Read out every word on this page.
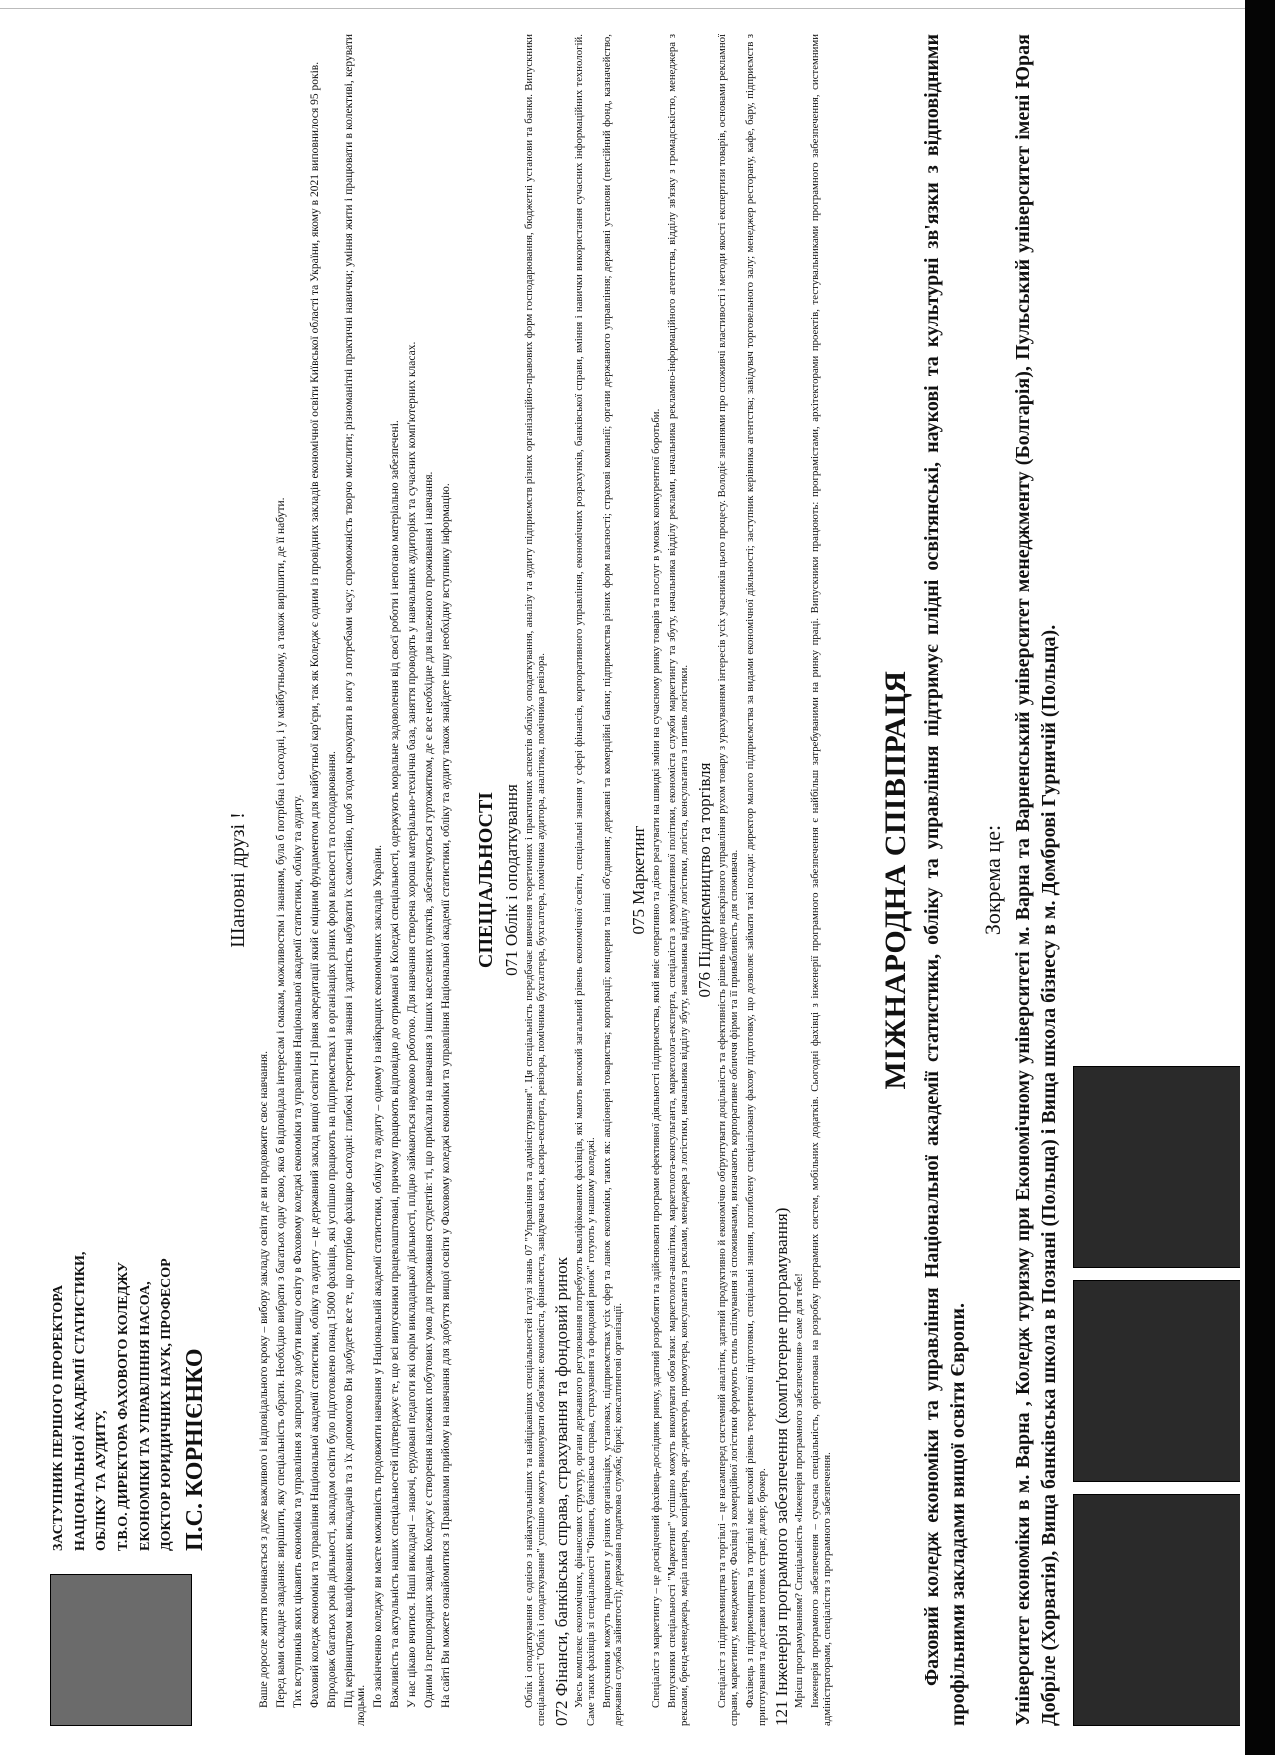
ЗАСТУПНИК ПЕРШОГО ПРОРЕКТОРА НАЦІОНАЛЬНОЇ АКАДЕМІЇ СТАТИСТИКИ, ОБЛІКУ ТА АУДИТУ, Т.В.О. ДИРЕКТОРА ФАХОВОГО КОЛЕДЖУ ЕКОНОМІКИ ТА УПРАВЛІННЯ НАСОА, ДОКТОР ЮРИДИЧНИХ НАУК, ПРОФЕСОР П.С. КОРНІЄНКО
Шановні друзі !

Ваше доросле життя починається з дуже важливого і відповідального кроку – вибору закладу освіти де ви продовжите своє навчання. Перед вами складне завдання: вирішити, яку спеціальність обрати. Необхідно вибрати з багатьох одну свою, яка б відповідала інтересам і смакам, можливостям і знанням, була б потрібна і сьогодні, і у майбутньому, а також вирішити, де її набути. Тих вступників яких цікавить економіка та управління я запрошую здобути вищу освіту в Фаховому коледжі економіки та управління Національної академії статистики, обліку та аудиту. Фаховий коледж економіки та управління Національної академії статистики, обліку та аудиту – це державний заклад вищої освіти І-ІІ рівня акредитації який є міцним фундаментом для майбутньої кар'єри, так як Коледж є одним із провідних закладів економічної освіти Київської області та України, якому в 2021 виповнилося 95 років. Впродовж багатьох років діяльності, закладом освіти було підготовлено понад 15000 фахівців, які успішно працюють на підприємствах і в організаціях різних форм власності та господарювання. Під керівництвом кваліфікованих викладачів та з їх допомогою Ви здобудете все те, що потрібно фахівцю сьогодні: глибокі теоретичні знання і здатність набувати їх самостійно, щоб згодом крокувати в ногу з потребами часу; спроможність творчо мислити; різноманітні практичні навички; уміння жити і працювати в колективі, керувати людьми. По закінченню коледжу ви маєте можливість продовжити навчання у Національній академії статистики, обліку та аудиту – одному із найкращих економічних закладів України. Важливість та актуальність наших спеціальностей підтверджує те, що всі випускники працевлаштовані, причому працюють відповідно до отриманої в Коледжі спеціальності, одержують моральне задоволення від своєї роботи і непогано матеріально забезпечені. У нас цікаво вчитися. Наші викладачі – знаючі, ерудовані педагоги які окрім викладацької діяльності, плідно займаються науковою роботою. Для навчання створена хороша матеріально-технічна база, заняття проводять у навчальних аудиторіях та сучасних комп'ютерних класах. Одним із першорядних завдань Коледжу є створення належних побутових умов для проживання студентів: ті, що приїхали на навчання з інших населених пунктів, забезпечуються гуртожитком, де є все необхідне для належного проживання і навчання. На сайті Ви можете ознайомитися з Правилами прийому на навчання для здобуття вищої освіти у Фаховому коледжі економіки та управління Національної академії статистики, обліку та аудиту також знайдете іншу необхідну вступнику інформацію. СПЕЦІАЛЬНОСТІ 071 Облік і оподаткування Облік і оподаткування є однією з найактуальніших та найцікавіших спеціальностей галузі знань 07 "Управління та адміністрування". Ця спеціальність передбачає вивчення теоретичних і практичних аспектів обліку, оподаткування, аналізу та аудиту підприємств різних організаційно-правових форм господарювання, бюджетні установи та банки. Випускники спеціальності "Облік і оподаткування" успішно можуть виконувати обов'язки: економіста, фінансиста, завідувача каси, касира-експерта, ревізора, помічника бухгалтера, бухгалтера, помічника аудитора, аналітика, помічника ревізора. 072 Фінанси, банківська справа, страхування та фондовий ринок Увесь комплекс економічних, фінансових структур, органи державного регулювання потребують кваліфікованих фахівців, які мають високий загальний рівень економічної освіти, спеціальні знання у сфері фінансів, корпоративного управління, економічних розрахунків, банківської справи, вміння і навички використання сучасних інформаційних технологій. Саме таких фахівців зі спеціальності "Фінанси, банківська справа, страхування та фондовий ринок" готують у нашому коледжі. Випускники можуть працювати у різних організаціях, установах, підприємствах усіх сфер та ланок економіки, таких як: акціонерні товариства; корпорації; концерни та інші об'єднання; державні та комерційні банки; підприємства різних форм власності; страхові компанії; органи державного управління; державні установи (пенсійний фонд, казначейство, державна служба зайнятості); державна податкова служба; біржі; консалтингові організації.

075 Маркетинг Спеціаліст з маркетингу – це досвідчений фахівець-дослідник ринку, здатний розробляти та здійснювати програми ефективної діяльності підприємства, який вміє оперативно та дієво реагувати на швидкі зміни на сучасному ринку товарів та послуг в умовах конкурентної боротьби. Випускники спеціальності "Маркетинг" успішно можуть виконувати обов'язки: маркетолога-аналітика, маркетолога-консультанта, маркетолога-експерта, спеціаліста з комунікативної політики, економіста служби маркетингу та збуту, начальника відділу реклами, начальника рекламно-інформаційного агентства, відділу зв'язку з громадськістю, менеджера з реклами, бренд-менеджера, медіа планера, копірайтера, арт-директора, промоутера, консультанта з реклами, менеджера з логістики, начальника відділу збуту, начальника відділу логістики, логіста, консультанта з питань логістики. 076 Підприємництво та торгівля Спеціаліст з підприємництва та торгівлі – це насамперед системний аналітик, здатний продуктивно й економічно обґрунтувати доцільність та ефективність рішень щодо наскрізного управління рухом товару з урахуванням інтересів усіх учасників цього процесу. Володіє знаннями про споживчі властивості і методи якості експертизи товарів, основами рекламної справи, маркетингу, менеджменту. Фахівці з комерційної логістики формують стиль спілкування зі споживачами, визначають корпоративне обличчя фірми та її привабливість для споживача. Фахівець з підприємництва та торгівлі має високий рівень теоретичної підготовки, спеціальні знання, поглиблену спеціалізовану фахову підготовку, що дозволяє займати такі посади: директор малого підприємства за видами економічної діяльності; заступник керівника агентства; завідувач торговельного залу; менеджер ресторану, кафе, бару, підприємств з приготування та доставки готових страв; дилер; брокер. 121 Інженерія програмного забезпечення (комп'ютерне програмування) Мрієш програмуванням? Спеціальність «Інженерія програмного забезпечення» саме для тебе! Інженерія програмного забезпечення – сучасна спеціальність, орієнтована на розробку програмних систем, мобільних додатків. Сьогодні фахівці з інженерії програмного забезпечення є найбільш затребуваними на ринку праці. Випускники працюють: програмістами, архітекторами проектів, тестувальниками програмного забезпечення, системними адміністраторами, спеціалісти з програмного забезпечення.

МІЖНАРОДНА СПІВПРАЦЯ Фаховий коледж економіки та управління Національної академії статистики, обліку та управління підтримує плідні освітянські, наукові та культурні зв'язки з відповідними профільними закладами вищої освіти Європи.
Зокрема це: Університет економіки в м. Варна , Коледж туризму при Економічному університеті м. Варна та Варненський університет менеджменту (Болгарія), Пульський університет імені Юрая Добріле (Хорватія), Вища банківська школа в Познані (Польща) і Вища школа бізнесу в м. Домброві Гурничій (Польща).
